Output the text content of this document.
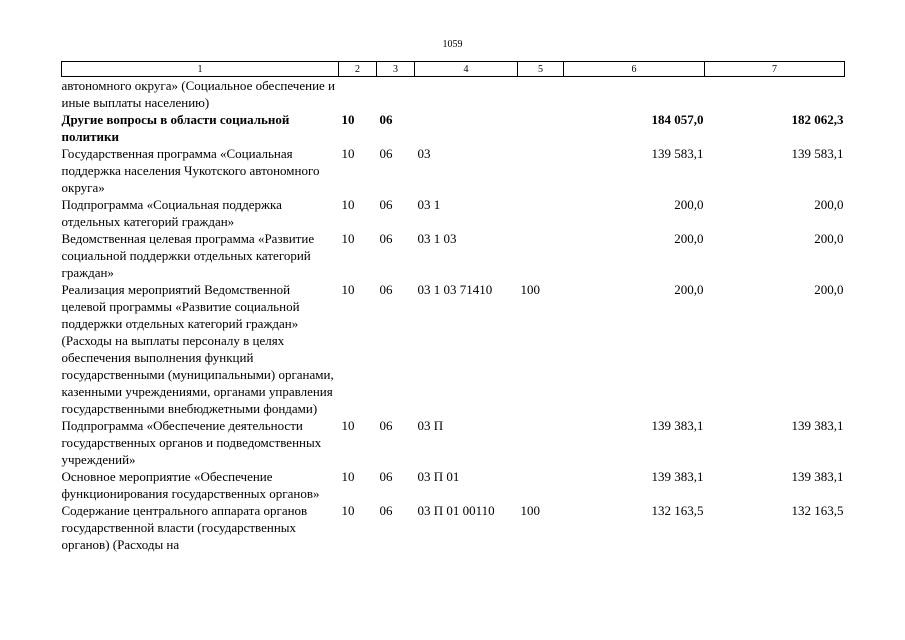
1059
1	2	3	4	5	6	7
автономного округа» (Социальное обеспечение и иные выплаты населению)						
Другие вопросы в области социальной политики	10	06			184 057,0	182 062,3
Государственная программа «Социальная поддержка населения Чукотского автономного округа»	10	06	03		139 583,1	139 583,1
Подпрограмма «Социальная поддержка отдельных категорий граждан»	10	06	03 1		200,0	200,0
Ведомственная целевая программа «Развитие социальной поддержки отдельных категорий граждан»	10	06	03 1 03		200,0	200,0
Реализация мероприятий Ведомственной целевой программы «Развитие социальной поддержки отдельных категорий граждан» (Расходы на выплаты персоналу в целях обеспечения выполнения функций государственными (муниципальными) органами, казенными учреждениями, органами управления государственными внебюджетными фондами)	10	06	03 1 03 71410	100	200,0	200,0
Подпрограмма «Обеспечение деятельности государственных органов и подведомственных учреждений»	10	06	03 П		139 383,1	139 383,1
Основное мероприятие «Обеспечение функционирования государственных органов»	10	06	03 П 01		139 383,1	139 383,1
Содержание центрального аппарата органов государственной власти (государственных органов) (Расходы на	10	06	03 П 01 00110	100	132 163,5	132 163,5
